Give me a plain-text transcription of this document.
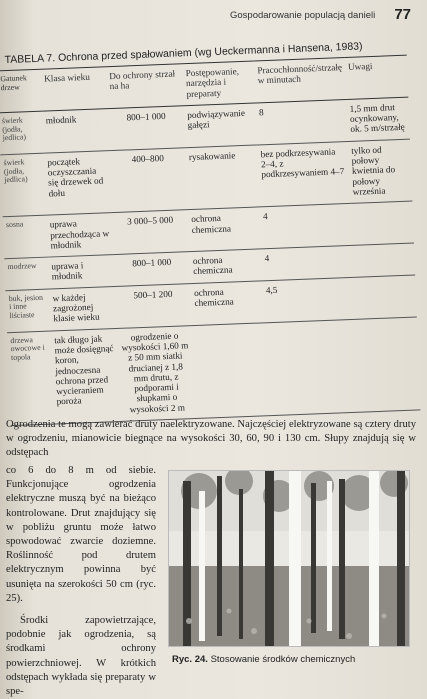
Gospodarowanie populacją danieli 77
TABELA 7. Ochrona przed spałowaniem (wg Ueckermanna i Hansena, 1983)
Gatunek drzew	Klasa wieku	Do ochrony strzał na ha	Postępowanie, narzędzia i preparaty	Pracochłonność/strzałę w minutach	Uwagi
świerk (jodła, jedlica)	młodnik	800–1 000	podwiązywanie gałęzi	8	1,5 mm drut ocynkowany, ok. 5 m/strzałę
świerk (jodła, jedlica)	początek oczyszczania się drzewek od dołu	400–800	rysakowanie	bez podkrzesywania 2–4, z podkrzesywaniem 4–7	tylko od połowy kwietnia do połowy września
sosna	uprawa przechodząca w młodnik	3 000–5 000	ochrona chemiczna	4	
modrzew	uprawa i młodnik	800–1 000	ochrona chemiczna	4	
buk, jesion i inne liściaste	w każdej zagrożonej klasie wieku	500–1 200	ochrona chemiczna	4,5	
drzewa owocowe i topola	tak długo jak może dosięgnąć koron, jednoczesna ochrona przed wycieraniem poroża	ogrodzenie o wysokości 1,60 m z 50 mm siatki drucianej z 1,8 mm drutu, z podporami i słupkami o wysokości 2 m			

Ogrodzenia te mogą zawierać druty naelektryzowane. Najczęściej elektryzowane są cztery druty w ogrodzeniu, mianowicie biegnące na wysokości 30, 60, 90 i 130 cm. Słupy znajdują się w odstępach

co 6 do 8 m od siebie. Funkcjonujące ogrodzenia elektryczne muszą być na bieżąco kontrolowane. Drut znajdujący się w pobliżu gruntu może łatwo spowodować zwarcie doziemne. Roślinność pod drutem elektrycznym powinna być usunięta na szerokości 50 cm (ryc. 25).

Środki zapowietrzające, podobnie jak ogrodzenia, są środkami ochrony powierzchniowej. W krótkich odstępach wykłada się preparaty w spe-

Ryc. 24. Stosowanie środków chemicznych
